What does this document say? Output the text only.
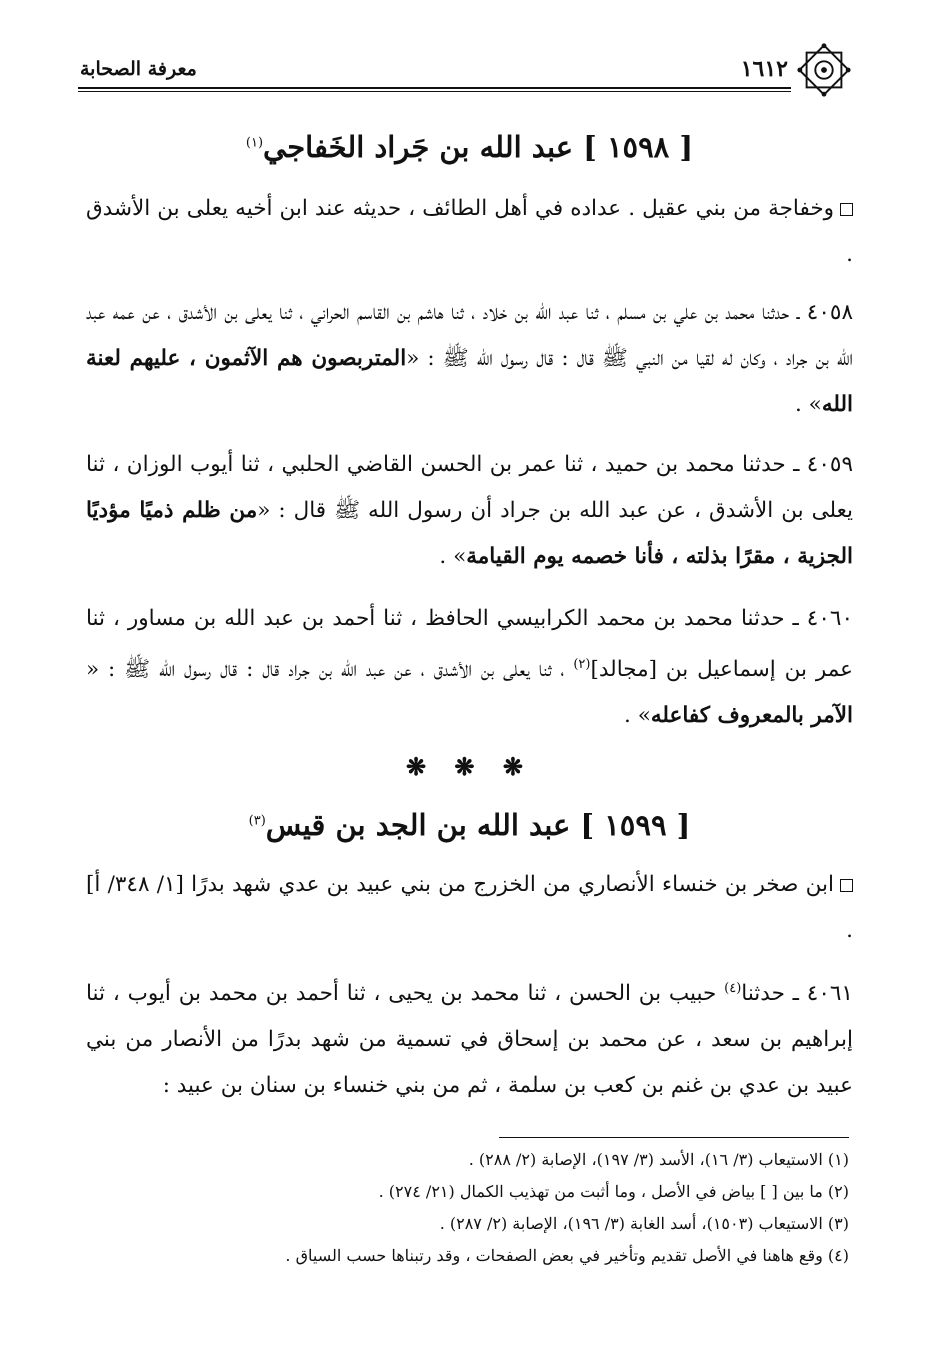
١٦١٢
معرفة الصحابة
[ ١٥٩٨ ] عبد الله بن جَراد الخَفاجي$^{(١)}$
وخفاجة من بني عقيل . عداده في أهل الطائف ، حديثه عند ابن أخيه يعلى بن الأشدق .
٤٠٥٨ ـ حدثنا محمد بن علي بن مسلم ، ثنا عبد الله بن خلاد ، ثنا هاشم بن القاسم الحراني ، ثنا يعلى بن الأشدق ، عن عمه عبد الله بن جراد ، وكان له لقيا من النبي ﷺ قال : قال رسول الله ﷺ : «المتربصون هم الآثمون ، عليهم لعنة الله» .
٤٠٥٩ ـ حدثنا محمد بن حميد ، ثنا عمر بن الحسن القاضي الحلبي ، ثنا أيوب الوزان ، ثنا يعلى بن الأشدق ، عن عبد الله بن جراد أن رسول الله ﷺ قال : «من ظلم ذميًا مؤديًا الجزية ، مقرًا بذلته ، فأنا خصمه يوم القيامة» .
٤٠٦٠ ـ حدثنا محمد بن محمد الكرابيسي الحافظ ، ثنا أحمد بن عبد الله بن مساور ، ثنا عمر بن إسماعيل بن [مجالد]$^{(٢)}$ ، ثنا يعلى بن الأشدق ، عن عبد الله بن جراد قال : قال رسول الله ﷺ : « الآمر بالمعروف كفاعله» .
❋ ❋ ❋
[ ١٥٩٩ ] عبد الله بن الجد بن قيس$^{(٣)}$
ابن صخر بن خنساء الأنصاري من الخزرج من بني عبيد بن عدي شهد بدرًا [١/ ٣٤٨/ أ] .
٤٠٦١ ـ حدثنا$^{(٤)}$ حبيب بن الحسن ، ثنا محمد بن يحيى ، ثنا أحمد بن محمد بن أيوب ، ثنا إبراهيم بن سعد ، عن محمد بن إسحاق في تسمية من شهد بدرًا من الأنصار من بني عبيد بن عدي بن غنم بن كعب بن سلمة ، ثم من بني خنساء بن سنان بن عبيد :
(١) الاستيعاب (٣/ ١٦)، الأسد (٣/ ١٩٧)، الإصابة (٢/ ٢٨٨) .
(٢) ما بين [ ] بياض في الأصل ، وما أثبت من تهذيب الكمال (٢١/ ٢٧٤) .
(٣) الاستيعاب (١٥٠٣)، أسد الغابة (٣/ ١٩٦)، الإصابة (٢/ ٢٨٧) .
(٤) وقع هاهنا في الأصل تقديم وتأخير في بعض الصفحات ، وقد رتبناها حسب السياق .
